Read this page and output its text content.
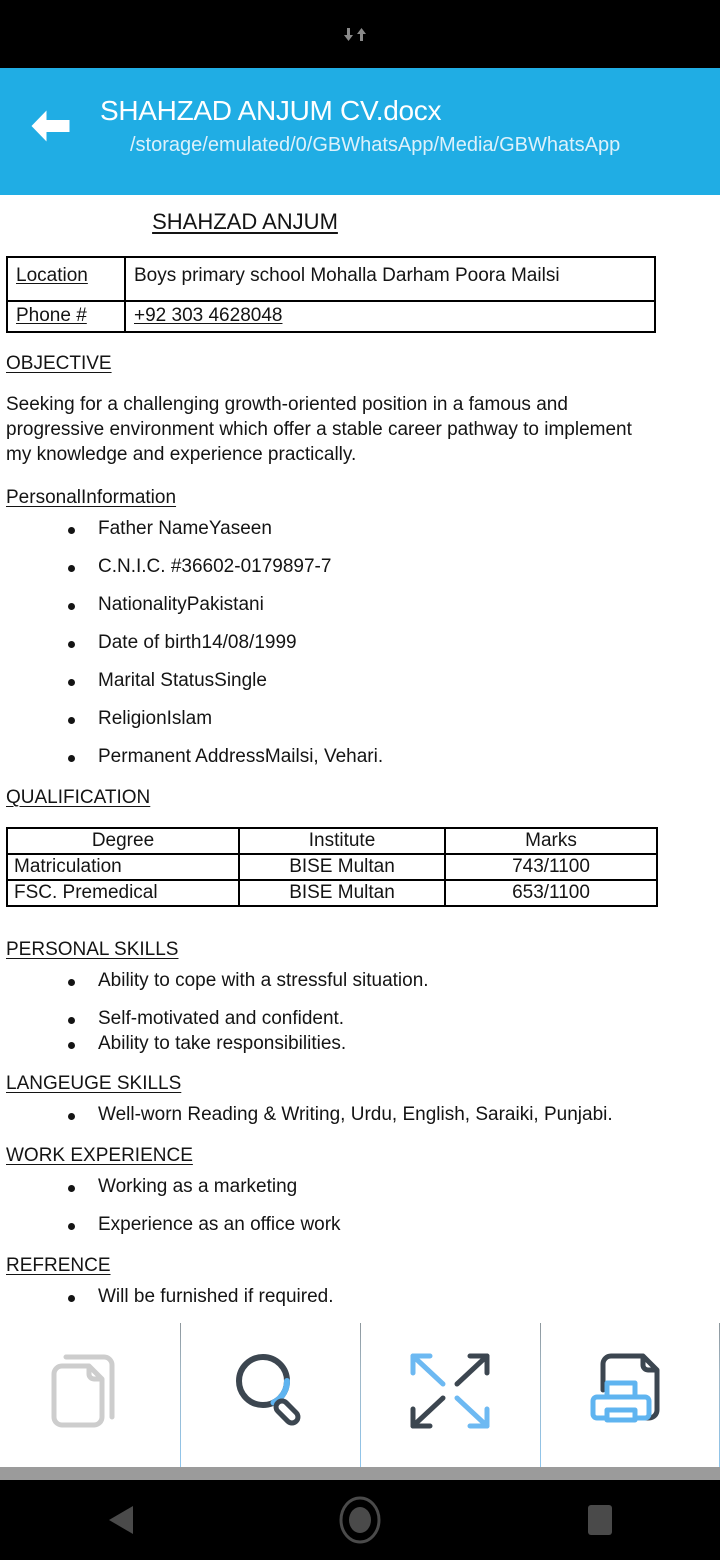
SHAHZAD ANJUM CV.docx
/storage/emulated/0/GBWhatsApp/Media/GBWhatsApp
SHAHZAD ANJUM
Location	Boys primary school Mohalla Darham Poora Mailsi
Phone #	+92 303 4628048
OBJECTIVE
Seeking for a challenging growth-oriented position in a famous and progressive environment which offer a stable career pathway to implement my knowledge and experience practically.
PersonalInformation
Father NameYaseen
C.N.I.C. #36602-0179897-7
NationalityPakistani
Date of birth14/08/1999
Marital StatusSingle
ReligionIslam
Permanent AddressMailsi, Vehari.
QUALIFICATION
Degree	Institute	Marks
Matriculation	BISE Multan	743/1100
FSC. Premedical	BISE Multan	653/1100
PERSONAL SKILLS
Ability to cope with a stressful situation.
Self-motivated and confident.
Ability to take responsibilities.
LANGEUGE SKILLS
Well-worn Reading & Writing, Urdu, English, Saraiki, Punjabi.
WORK EXPERIENCE
Working as a marketing
Experience as an office work
REFRENCE
Will be furnished if required.
